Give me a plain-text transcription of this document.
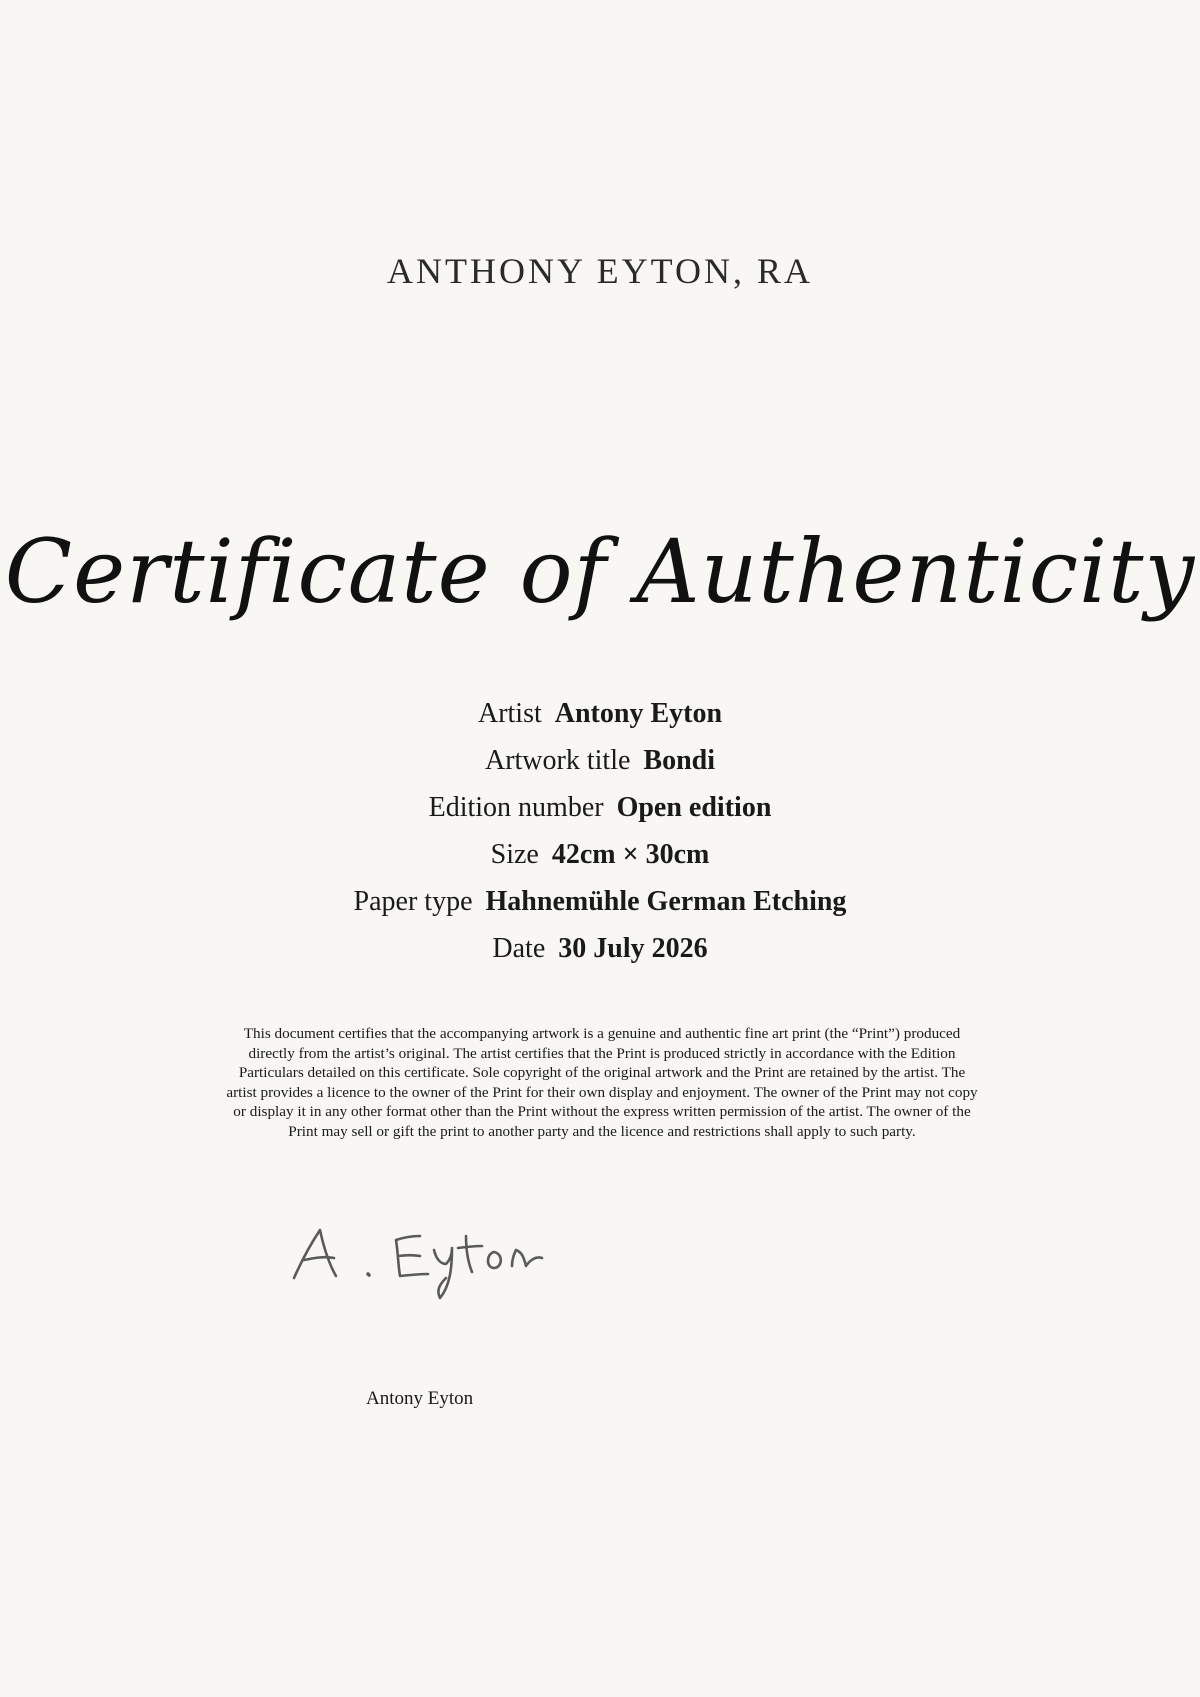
ANTHONY EYTON, RA
Certificate of Authenticity
Artist Antony Eyton
Artwork title Bondi
Edition number Open edition
Size 42cm × 30cm
Paper type Hahnemühle German Etching
Date 30 July 2026
This document certifies that the accompanying artwork is a genuine and authentic fine art print (the “Print”) produced directly from the artist’s original. The artist certifies that the Print is produced strictly in accordance with the Edition Particulars detailed on this certificate. Sole copyright of the original artwork and the Print are retained by the artist. The artist provides a licence to the owner of the Print for their own display and enjoyment. The owner of the Print may not copy or display it in any other format other than the Print without the express written permission of the artist. The owner of the Print may sell or gift the print to another party and the licence and restrictions shall apply to such party.
Antony Eyton
